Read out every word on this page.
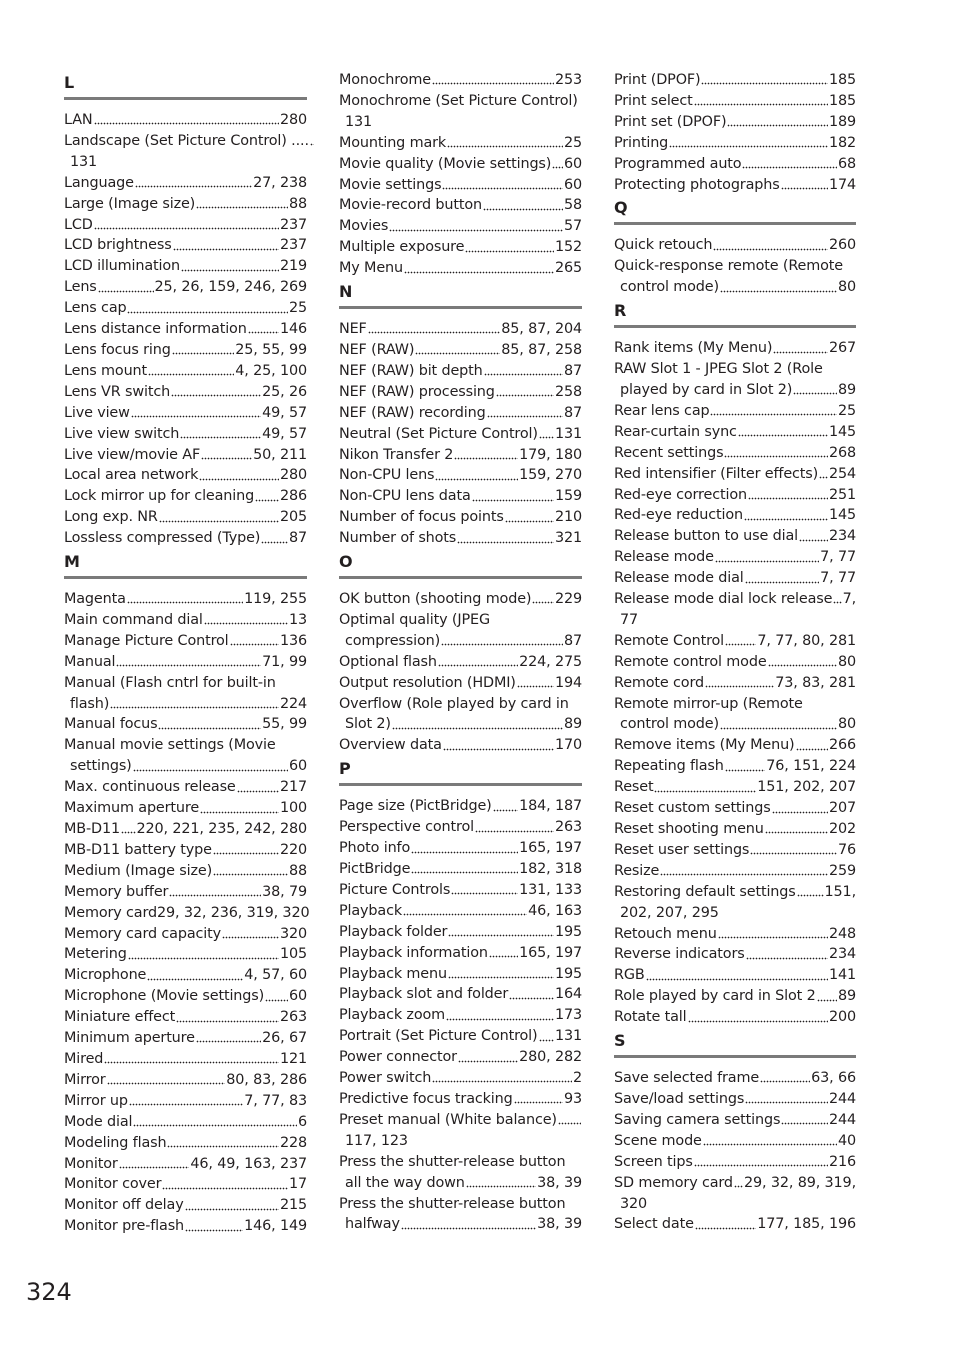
L
LAN	280
Landscape (Set Picture Control) ....
131
Language	27, 238
Large (Image size)	88
LCD	237
LCD brightness	237
LCD illumination	219
Lens	25, 26, 159, 246, 269
Lens cap	25
Lens distance information 146
Lens focus ring	25, 55, 99
Lens mount	4, 25, 100
Lens VR switch	25, 26
Live view	49, 57
Live view switch	49, 57
Live view/movie AF	50, 211
Local area network	280
Lock mirror up for cleaning 286
Long exp. NR	205
Lossless compressed (Type) 87
M
Magenta	119, 255
Main command dial	13
Manage Picture Control	136
Manual	71, 99
Manual (Flash cntrl for built-in
flash)	224
Manual focus	55, 99
Manual movie settings (Movie
settings)	60
Max. continuous release	217
Maximum aperture	100
MB-D11 220, 221, 235, 242, 280
MB-D11 battery type	220
Medium (Image size)	88
Memory buffer	38, 79
Memory card 29, 32, 236, 319, 320
Memory card capacity	320
Metering	105
Microphone	4, 57, 60
Microphone (Movie settings) 60
Miniature effect	263
Minimum aperture	26, 67
Mired	121
Mirror	80, 83, 286
Mirror up	7, 77, 83
Mode dial	6
Modeling flash	228
Monitor	46, 49, 163, 237
Monitor cover	17
Monitor off delay	215
Monitor pre-flash	146, 149
Monochrome	253
Monochrome (Set Picture Control)
131
Mounting mark	25
Movie quality (Movie settings) 60
Movie settings	60
Movie-record button	58
Movies	57
Multiple exposure	152
My Menu	265
N
NEF	85, 87, 204
NEF (RAW)	85, 87, 258
NEF (RAW) bit depth	87
NEF (RAW) processing	258
NEF (RAW) recording	87
Neutral (Set Picture Control) 131
Nikon Transfer 2	179, 180
Non-CPU lens	159, 270
Non-CPU lens data	159
Number of focus points	210
Number of shots	321
O
OK button (shooting mode) 229
Optimal quality (JPEG
compression)	87
Optional flash	224, 275
Output resolution (HDMI)	194
Overflow (Role played by card in
Slot 2)	89
Overview data	170
P
Page size (PictBridge) 184, 187
Perspective control	263
Photo info	165, 197
PictBridge	182, 318
Picture Controls	131, 133
Playback	46, 163
Playback folder	195
Playback information 165, 197
Playback menu	195
Playback slot and folder	164
Playback zoom	173
Portrait (Set Picture Control) 131
Power connector	280, 282
Power switch	2
Predictive focus tracking	93
Preset manual (White balance)
117, 123
Press the shutter-release button
all the way down	38, 39
Press the shutter-release button
halfway	38, 39
Print (DPOF)	185
Print select	185
Print set (DPOF)	189
Printing	182
Programmed auto	68
Protecting photographs	174
Q
Quick retouch	260
Quick-response remote (Remote
control mode)	80
R
Rank items (My Menu)	267
RAW Slot 1 - JPEG Slot 2 (Role
played by card in Slot 2)	89
Rear lens cap	25
Rear-curtain sync	145
Recent settings	268
Red intensifier (Filter effects) 254
Red-eye correction	251
Red-eye reduction	145
Release button to use dial 234
Release mode	7, 77
Release mode dial	7, 77
Release mode dial lock release 7,
77
Remote Control 7, 77, 80, 281
Remote control mode	80
Remote cord	73, 83, 281
Remote mirror-up (Remote
control mode)	80
Remove items (My Menu) 266
Repeating flash	76, 151, 224
Reset	151, 202, 207
Reset custom settings	207
Reset shooting menu	202
Reset user settings	76
Resize	259
Restoring default settings 151,
202, 207, 295
Retouch menu	248
Reverse indicators	234
RGB	141
Role played by card in Slot 2 89
Rotate tall	200
S
Save selected frame	63, 66
Save/load settings	244
Saving camera settings	244
Scene mode	40
Screen tips	216
SD memory card 29, 32, 89, 319,
320
Select date	177, 185, 196
324
